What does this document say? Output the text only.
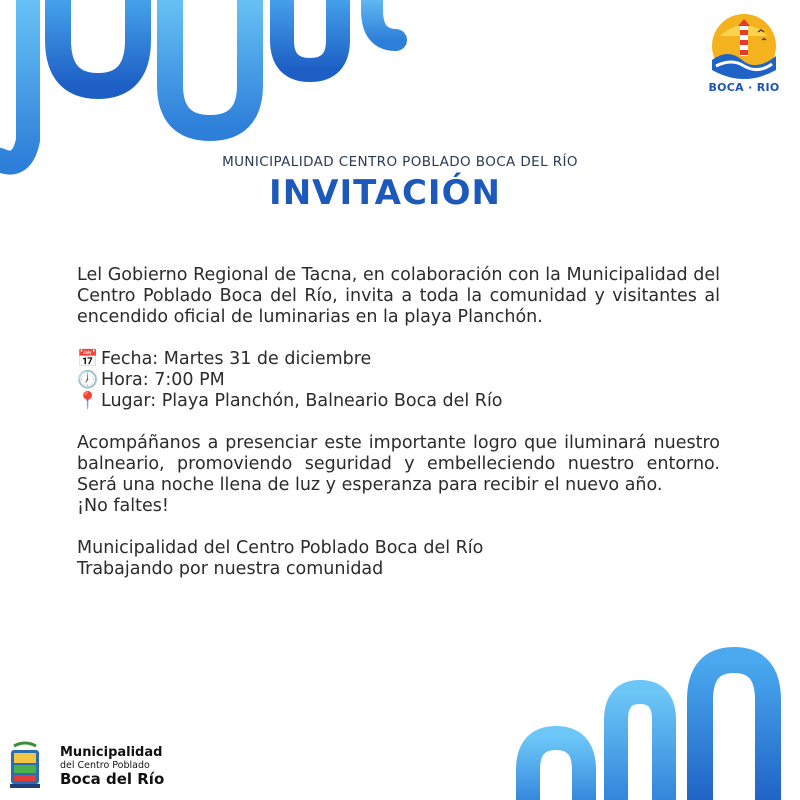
BOCA · RIO
MUNICIPALIDAD CENTRO POBLADO BOCA DEL RÍO
INVITACIÓN

Lel Gobierno Regional de Tacna, en colaboración con la Municipalidad del Centro Poblado Boca del Río, invita a toda la comunidad y visitantes al encendido oficial de luminarias en la playa Planchón.

📅 Fecha: Martes 31 de diciembre

🕖 Hora: 7:00 PM

📍 Lugar: Playa Planchón, Balneario Boca del Río

Acompáñanos a presenciar este importante logro que iluminará nuestro balneario, promoviendo seguridad y embelleciendo nuestro entorno. Será una noche llena de luz y esperanza para recibir el nuevo año.

¡No faltes!

Municipalidad del Centro Poblado Boca del Río

Trabajando por nuestra comunidad

Municipalidad
del Centro Poblado
Boca del Río
